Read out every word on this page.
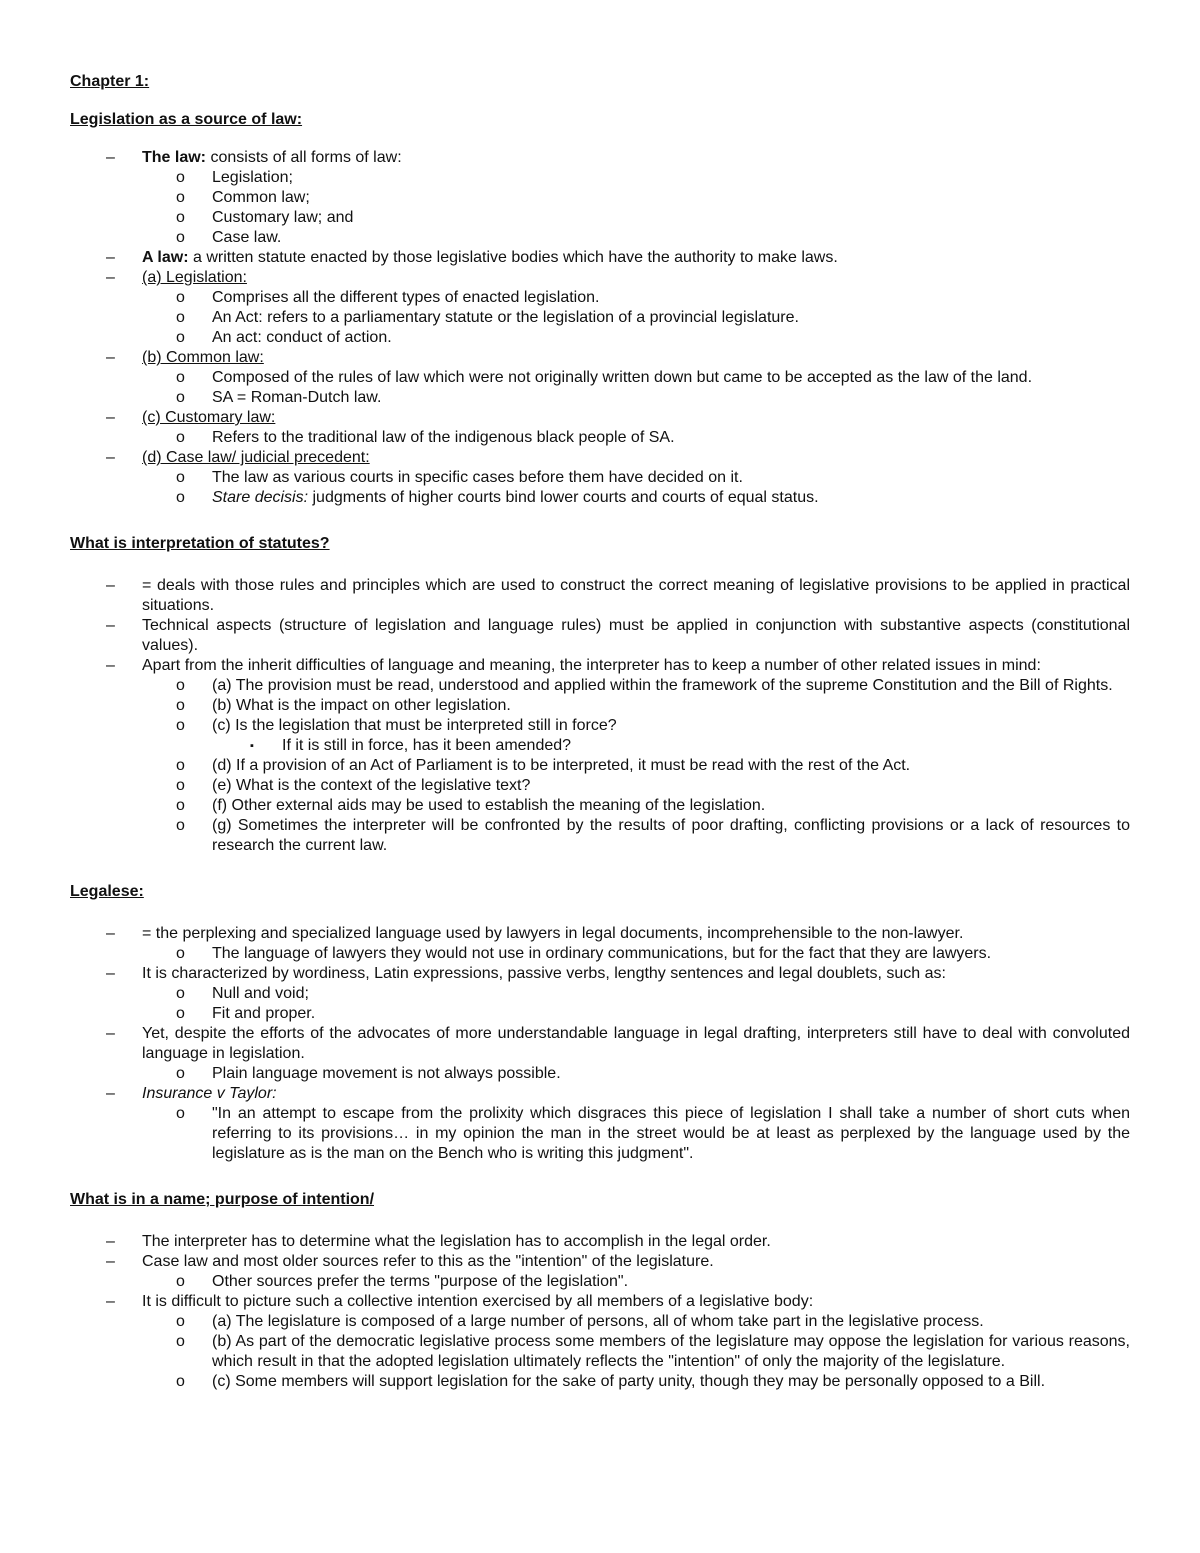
Chapter 1:

Legislation as a source of law:

– The law: consists of all forms of law:
o Legislation;
o Common law;
o Customary law; and
o Case law.
– A law: a written statute enacted by those legislative bodies which have the authority to make laws.
– (a) Legislation:
o Comprises all the different types of enacted legislation.
o An Act: refers to a parliamentary statute or the legislation of a provincial legislature.
o An act: conduct of action.
– (b) Common law:
o Composed of the rules of law which were not originally written down but came to be accepted as the law of the land.
o SA = Roman-Dutch law.
– (c) Customary law:
o Refers to the traditional law of the indigenous black people of SA.
– (d) Case law/ judicial precedent:
o The law as various courts in specific cases before them have decided on it.
o Stare decisis: judgments of higher courts bind lower courts and courts of equal status.

What is interpretation of statutes?

– = deals with those rules and principles which are used to construct the correct meaning of legislative provisions to be applied in practical situations.
– Technical aspects (structure of legislation and language rules) must be applied in conjunction with substantive aspects (constitutional values).
– Apart from the inherit difficulties of language and meaning, the interpreter has to keep a number of other related issues in mind:
o (a) The provision must be read, understood and applied within the framework of the supreme Constitution and the Bill of Rights.
o (b) What is the impact on other legislation.
o (c) Is the legislation that must be interpreted still in force?
▪ If it is still in force, has it been amended?
o (d) If a provision of an Act of Parliament is to be interpreted, it must be read with the rest of the Act.
o (e) What is the context of the legislative text?
o (f) Other external aids may be used to establish the meaning of the legislation.
o (g) Sometimes the interpreter will be confronted by the results of poor drafting, conflicting provisions or a lack of resources to research the current law.

Legalese:

– = the perplexing and specialized language used by lawyers in legal documents, incomprehensible to the non-lawyer.
o The language of lawyers they would not use in ordinary communications, but for the fact that they are lawyers.
– It is characterized by wordiness, Latin expressions, passive verbs, lengthy sentences and legal doublets, such as:
o Null and void;
o Fit and proper.
– Yet, despite the efforts of the advocates of more understandable language in legal drafting, interpreters still have to deal with convoluted language in legislation.
o Plain language movement is not always possible.
– Insurance v Taylor:
o "In an attempt to escape from the prolixity which disgraces this piece of legislation I shall take a number of short cuts when referring to its provisions… in my opinion the man in the street would be at least as perplexed by the language used by the legislature as is the man on the Bench who is writing this judgment".

What is in a name; purpose of intention/

– The interpreter has to determine what the legislation has to accomplish in the legal order.
– Case law and most older sources refer to this as the "intention" of the legislature.
o Other sources prefer the terms "purpose of the legislation".
– It is difficult to picture such a collective intention exercised by all members of a legislative body:
o (a) The legislature is composed of a large number of persons, all of whom take part in the legislative process.
o (b) As part of the democratic legislative process some members of the legislature may oppose the legislation for various reasons, which result in that the adopted legislation ultimately reflects the "intention" of only the majority of the legislature.
o (c) Some members will support legislation for the sake of party unity, though they may be personally opposed to a Bill.
